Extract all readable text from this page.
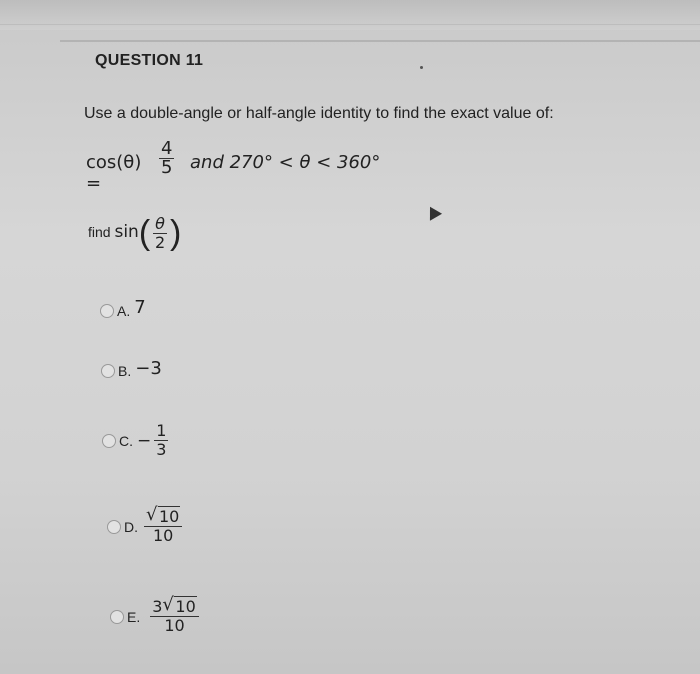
QUESTION 11
Use a double-angle or half-angle identity to find the exact value of:
cos(θ) =
$\frac{4}{5}$ and 270° < θ < 360°
find $\sin( \frac{\theta}{2}$ )
A. 7
B. −3
C. − $\frac{1}{3}$
D. $\frac{√ 10}{10}$
E. $\frac{3 √ 10}{10}$
